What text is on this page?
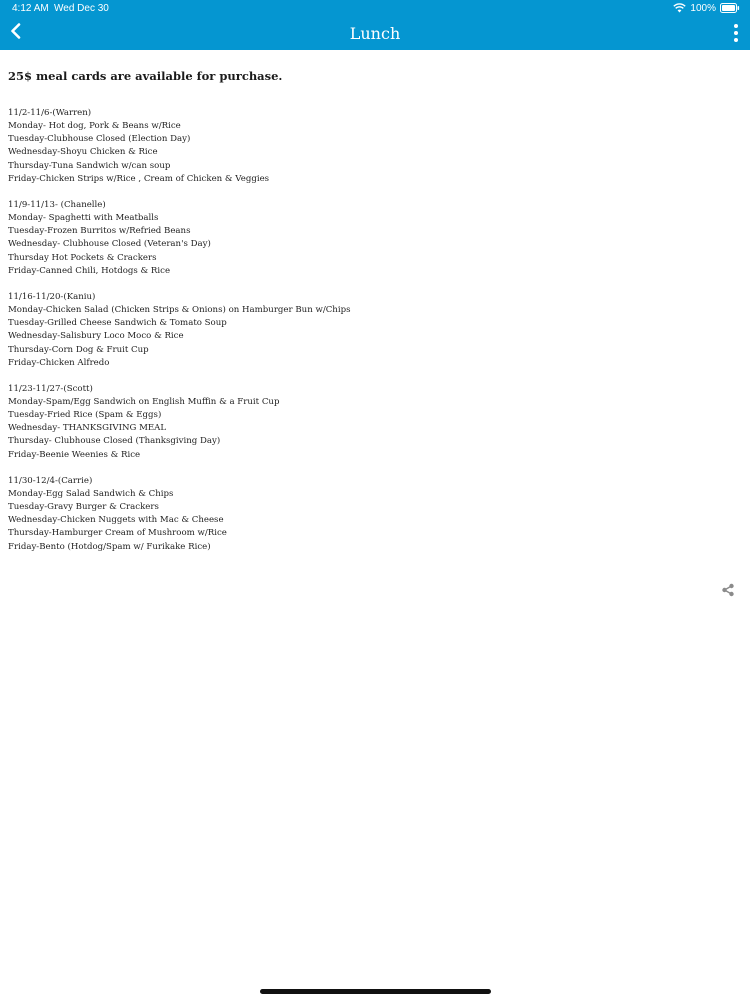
4:12 AM Wed Dec 30	100%
Lunch
25$ meal cards are available for purchase.
11/2-11/6-(Warren)
Monday- Hot dog, Pork & Beans w/Rice
Tuesday-Clubhouse Closed (Election Day)
Wednesday-Shoyu Chicken & Rice
Thursday-Tuna Sandwich w/can soup
Friday-Chicken Strips w/Rice , Cream of Chicken & Veggies
11/9-11/13- (Chanelle)
Monday- Spaghetti with Meatballs
Tuesday-Frozen Burritos w/Refried Beans
Wednesday- Clubhouse Closed (Veteran's Day)
Thursday Hot Pockets & Crackers
Friday-Canned Chili, Hotdogs & Rice
11/16-11/20-(Kaniu)
Monday-Chicken Salad (Chicken Strips & Onions) on Hamburger Bun w/Chips
Tuesday-Grilled Cheese Sandwich & Tomato Soup
Wednesday-Salisbury Loco Moco & Rice
Thursday-Corn Dog & Fruit Cup
Friday-Chicken Alfredo
11/23-11/27-(Scott)
Monday-Spam/Egg Sandwich on English Muffin & a Fruit Cup
Tuesday-Fried Rice (Spam & Eggs)
Wednesday- THANKSGIVING MEAL
Thursday- Clubhouse Closed (Thanksgiving Day)
Friday-Beenie Weenies & Rice
11/30-12/4-(Carrie)
Monday-Egg Salad Sandwich & Chips
Tuesday-Gravy Burger & Crackers
Wednesday-Chicken Nuggets with Mac & Cheese
Thursday-Hamburger Cream of Mushroom w/Rice
Friday-Bento (Hotdog/Spam w/ Furikake Rice)
